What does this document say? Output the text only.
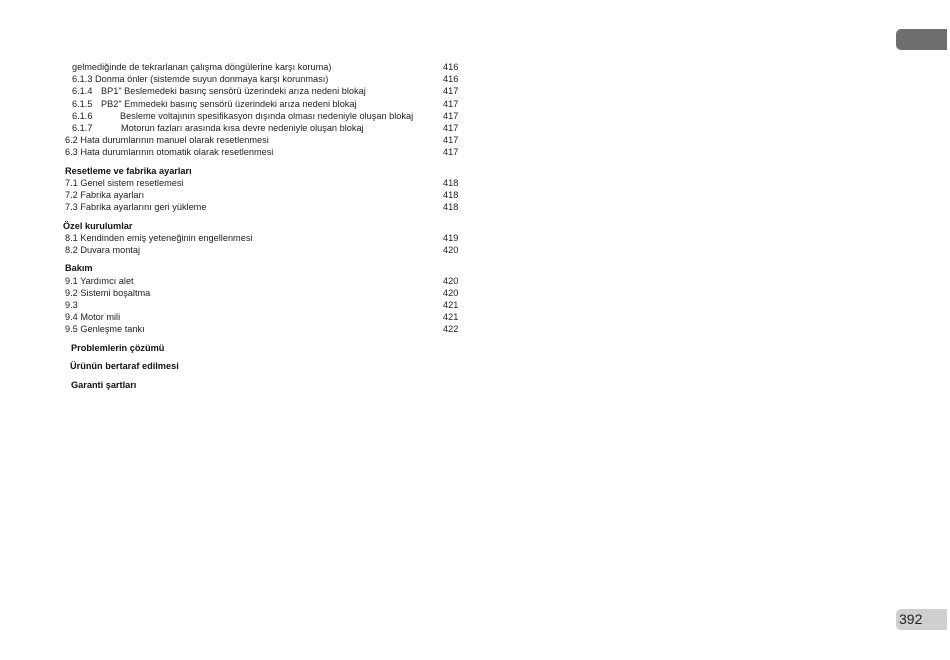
gelmediğinde de tekrarlanan çalışma döngülerine karşı koruma)	416
6.1.3 Donma önler (sistemde suyun donmaya karşı korunması)	416
6.1.4 BP1" Beslemedeki basınç sensörü üzerindeki arıza nedeni blokaj	417
6.1.5 PB2" Emmedeki basınç sensörü üzerindeki arıza nedeni blokaj	417
6.1.6	Besleme voltajının spesifikasyon dışında olması nedeniyle oluşan blokaj	417
6.1.7	Motorun fazları arasında kısa devre nedeniyle oluşan blokaj	417
6.2 Hata durumlarının manuel olarak resetlenmesi	417
6.3 Hata durumlarının otomatik olarak resetlenmesi	417
Resetleme ve fabrika ayarları
7.1 Genel sistem resetlemesi	418
7.2 Fabrika ayarları	418
7.3 Fabrika ayarlarını geri yükleme	418
Özel kurulumlar
8.1 Kendinden emiş yeteneğinin engellenmesi	419
8.2 Duvara montaj	420
Bakım
9.1 Yardımcı alet	420
9.2 Sistemi boşaltma	420
9.3	421
9.4 Motor mili	421
9.5 Genleşme tankı	422
Problemlerin çözümü
Ürünün bertaraf edilmesi
Garanti şartları
392
